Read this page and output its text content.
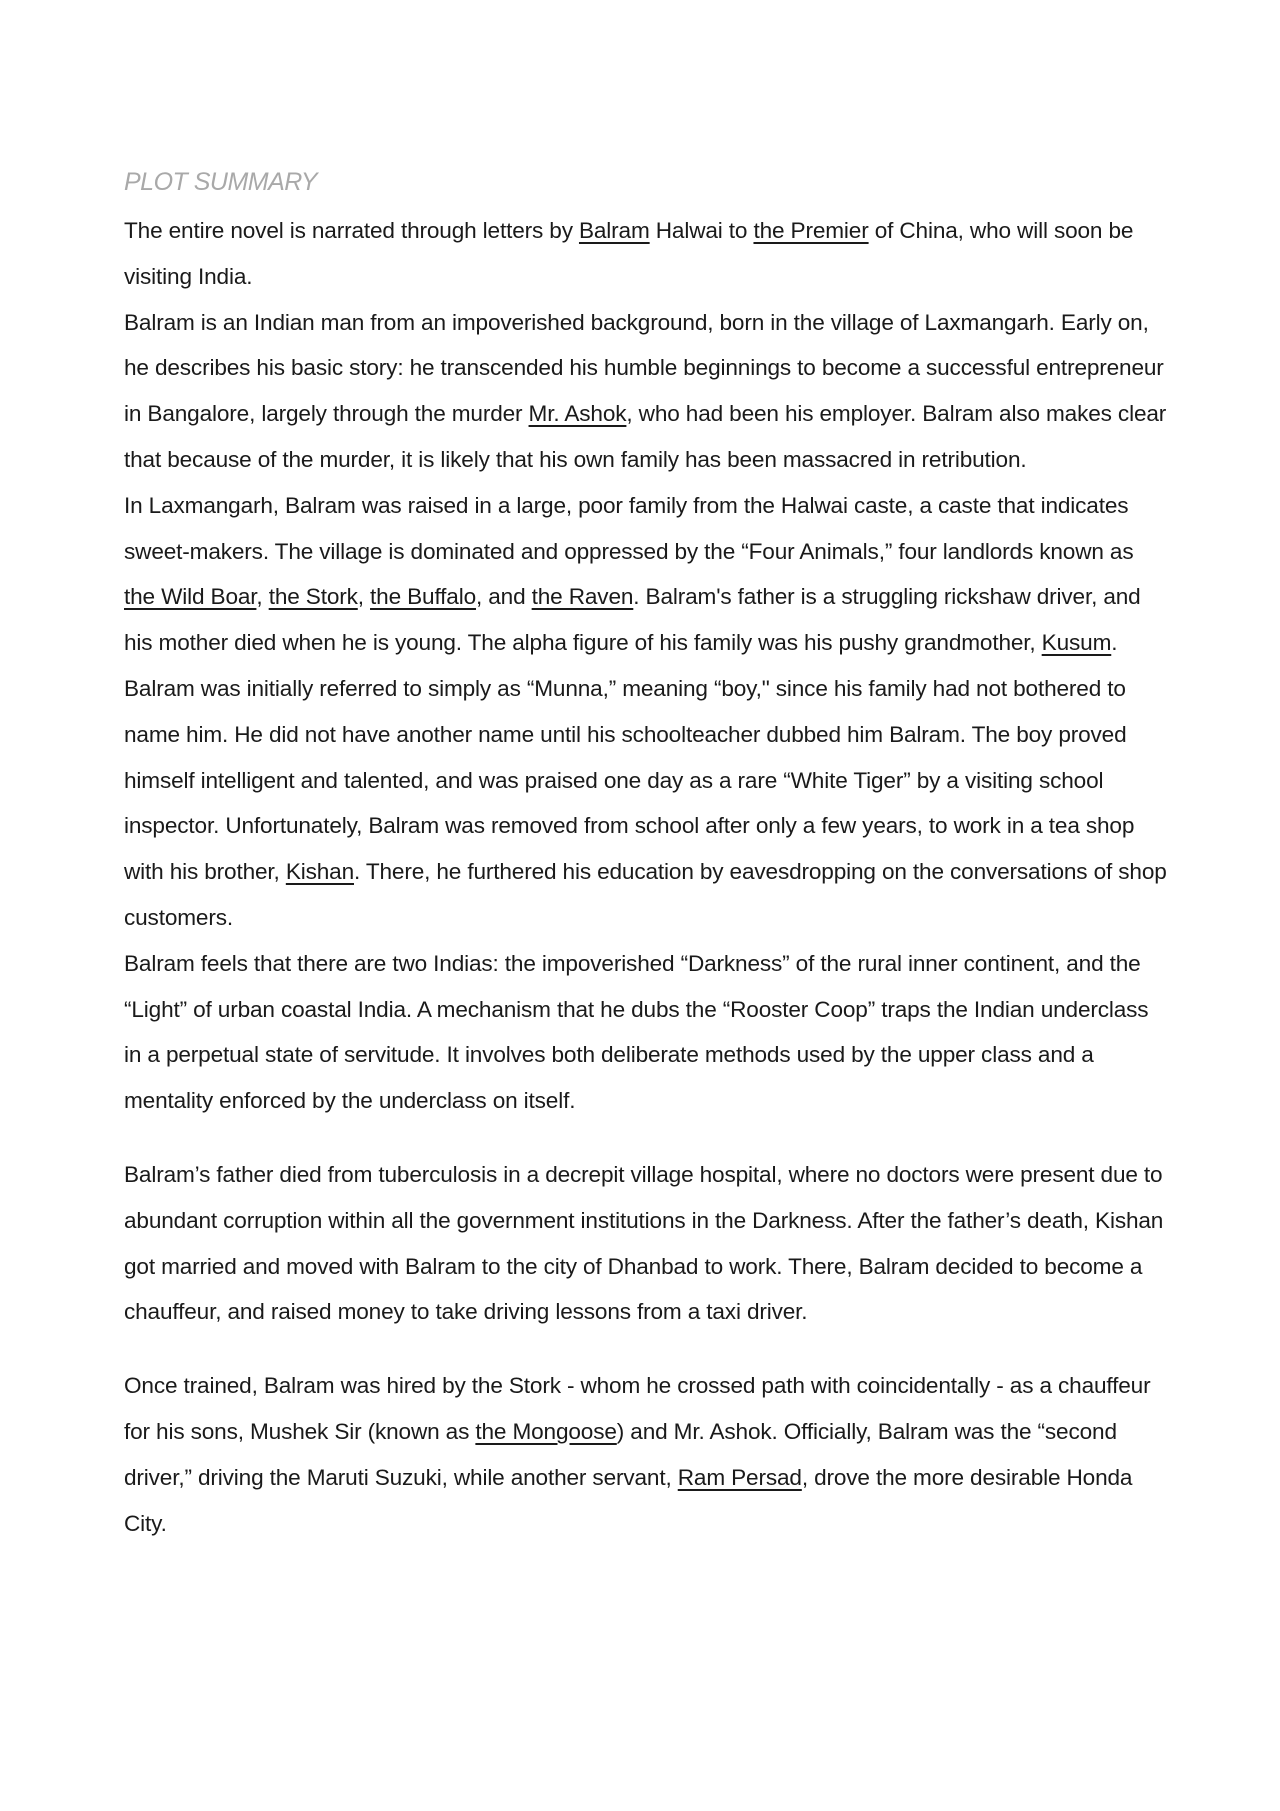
PLOT SUMMARY

The entire novel is narrated through letters by Balram Halwai to the Premier of China, who will soon be visiting India.

Balram is an Indian man from an impoverished background, born in the village of Laxmangarh. Early on, he describes his basic story: he transcended his humble beginnings to become a successful entrepreneur in Bangalore, largely through the murder Mr. Ashok, who had been his employer. Balram also makes clear that because of the murder, it is likely that his own family has been massacred in retribution.

In Laxmangarh, Balram was raised in a large, poor family from the Halwai caste, a caste that indicates sweet-makers. The village is dominated and oppressed by the “Four Animals,” four landlords known as the Wild Boar, the Stork, the Buffalo, and the Raven. Balram's father is a struggling rickshaw driver, and his mother died when he is young. The alpha figure of his family was his pushy grandmother, Kusum.

Balram was initially referred to simply as “Munna,” meaning “boy," since his family had not bothered to name him. He did not have another name until his schoolteacher dubbed him Balram. The boy proved himself intelligent and talented, and was praised one day as a rare “White Tiger” by a visiting school inspector. Unfortunately, Balram was removed from school after only a few years, to work in a tea shop with his brother, Kishan. There, he furthered his education by eavesdropping on the conversations of shop customers.

Balram feels that there are two Indias: the impoverished “Darkness” of the rural inner continent, and the “Light” of urban coastal India. A mechanism that he dubs the “Rooster Coop” traps the Indian underclass in a perpetual state of servitude. It involves both deliberate methods used by the upper class and a mentality enforced by the underclass on itself.

Balram’s father died from tuberculosis in a decrepit village hospital, where no doctors were present due to abundant corruption within all the government institutions in the Darkness. After the father’s death, Kishan got married and moved with Balram to the city of Dhanbad to work. There, Balram decided to become a chauffeur, and raised money to take driving lessons from a taxi driver.

Once trained, Balram was hired by the Stork - whom he crossed path with coincidentally - as a chauffeur for his sons, Mushek Sir (known as the Mongoose) and Mr. Ashok. Officially, Balram was the “second driver,” driving the Maruti Suzuki, while another servant, Ram Persad, drove the more desirable Honda City.
